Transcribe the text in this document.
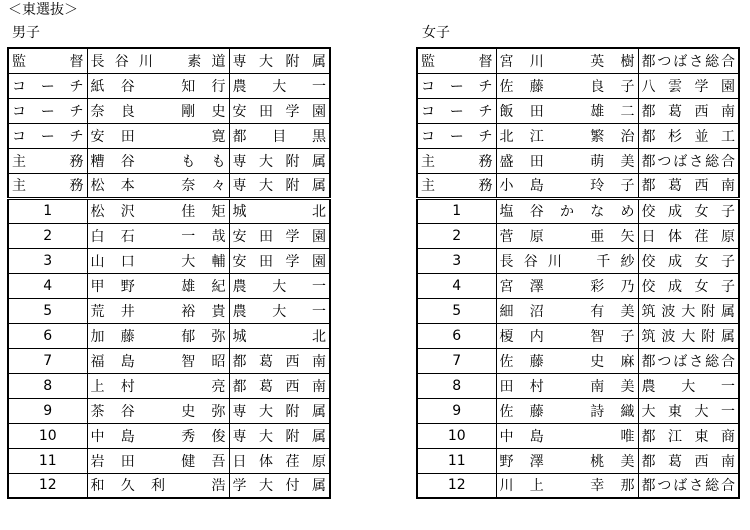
＜東選抜＞
男子	女子
監　　督	長谷川　素道	専大附属
コーチ	紙谷　知行	農大一
コーチ	奈良　剛史	安田学園
コーチ	安田　　寛	都目黒
主　　務	糟谷　もも	専大附属
主　　務	松本　奈々	専大附属
1	松沢　佳矩	城　　　北
2	白石　一哉	安田学園
3	山口　大輔	安田学園
4	甲野　雄紀	農大一
5	荒井　裕貴	農大一
6	加藤　郁弥	城　　　北
7	福島　智昭	都葛西南
8	上村　　亮	都葛西南
9	茶谷　史弥	専大附属
10	中島　秀俊	専大附属
11	岩田　健吾	日体荏原
12	和久利　浩	学大付属
監　　督	宮川　英樹	都つばさ総合
コーチ	佐藤　良子	八雲学園
コーチ	飯田　雄二	都葛西南
コーチ	北江　繁治	都杉並工
主　　務	盛田　萌美	都つばさ総合
主　　務	小島　玲子	都葛西南
1	塩谷かなめ	佼成女子
2	菅原　亜矢	日体荏原
3	長谷川　千紗	佼成女子
4	宮澤　彩乃	佼成女子
5	細沼　有美	筑波大附属
6	榎内　智子	筑波大附属
7	佐藤　史麻	都つばさ総合
8	田村　南美	農大一
9	佐藤　詩織	大東大一
10	中島　　唯	都江東商
11	野澤　桃美	都葛西南
12	川上　幸那	都つばさ総合
